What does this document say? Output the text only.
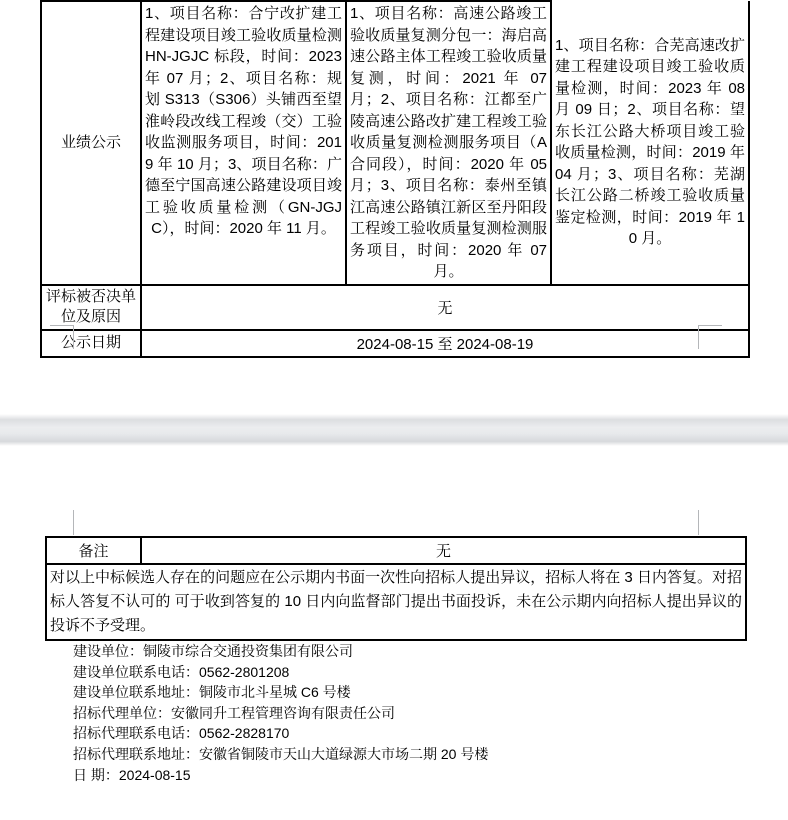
业绩公示	1、项目名称：合宁改扩建工程建设项目竣工验收质量检测 HN-JGJC 标段，时间：2023 年 07 月；2、项目名称：规划 S313（S306）头铺西至望淮岭段改线工程竣（交）工验收监测服务项目，时间：2019 年 10 月；3、项目名称：广德至宁国高速公路建设项目竣工验收质量检测（GN-JGJC），时间：2020 年 11 月。	1、项目名称：高速公路竣工验收质量复测分包一：海启高速公路主体工程竣工验收质量复测，时间：2021 年 07 月；2、项目名称：江都至广陵高速公路改扩建工程竣工验收质量复测检测服务项目（A 合同段），时间：2020 年 05 月；3、项目名称：泰州至镇江高速公路镇江新区至丹阳段工程竣工验收质量复测检测服务项目，时间：2020 年 07 月。	1、项目名称：合芜高速改扩建工程建设项目竣工验收质量检测，时间：2023 年 08 月 09 日；2、项目名称：望东长江公路大桥项目竣工验收质量检测，时间：2019 年 04 月；3、项目名称：芜湖长江公路二桥竣工验收质量鉴定检测，时间：2019 年 10 月。
评标被否决单位及原因	无		
公示日期	2024-08-15 至 2024-08-19		
备注	无
对以上中标候选人存在的问题应在公示期内书面一次性向招标人提出异议，招标人将在 3 日内答复。对招标人答复不认可的 可于收到答复的 10 日内向监督部门提出书面投诉，未在公示期内向招标人提出异议的投诉不予受理。
建设单位：铜陵市综合交通投资集团有限公司
建设单位联系电话：0562-2801208
建设单位联系地址：铜陵市北斗星城 C6 号楼
招标代理单位：安徽同升工程管理咨询有限责任公司
招标代理联系电话：0562-2828170
招标代理联系地址：安徽省铜陵市天山大道绿源大市场二期 20 号楼
日 期：2024-08-15
